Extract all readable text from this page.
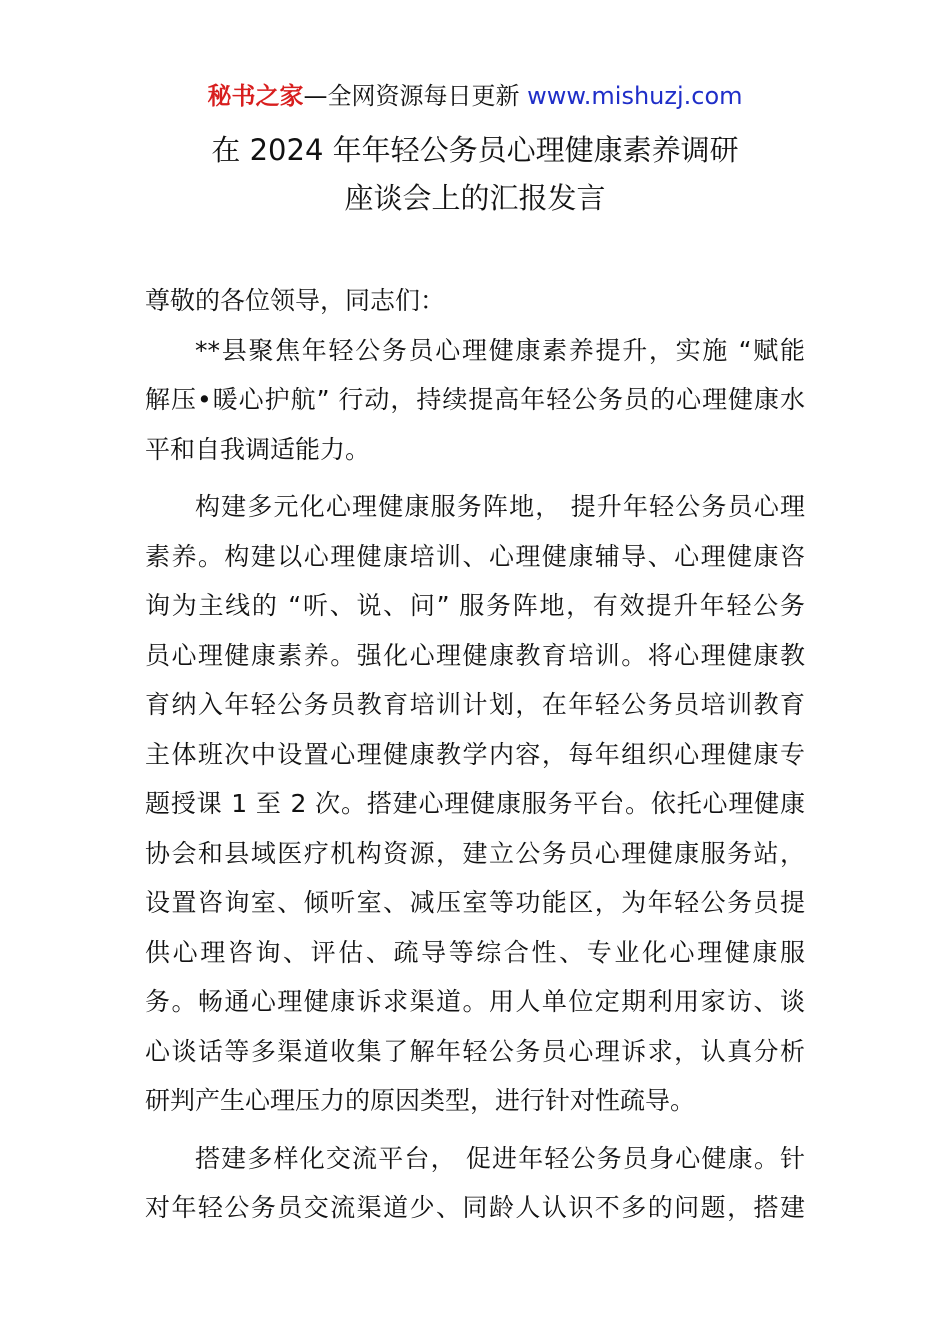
秘书之家—全网资源每日更新 www.mishuzj.com
在 2024 年年轻公务员心理健康素养调研
座谈会上的汇报发言
尊敬的各位领导，同志们：
**县聚焦年轻公务员心理健康素养提升，实施 “赋能
解压•暖心护航” 行动，持续提高年轻公务员的心理健康水
平和自我调适能力。
构建多元化心理健康服务阵地， 提升年轻公务员心理
素养。构建以心理健康培训、心理健康辅导、心理健康咨
询为主线的 “听、说、问” 服务阵地，有效提升年轻公务
员心理健康素养。强化心理健康教育培训。将心理健康教
育纳入年轻公务员教育培训计划，在年轻公务员培训教育
主体班次中设置心理健康教学内容，每年组织心理健康专
题授课 1 至 2 次。搭建心理健康服务平台。依托心理健康
协会和县域医疗机构资源，建立公务员心理健康服务站，
设置咨询室、倾听室、减压室等功能区，为年轻公务员提
供心理咨询、评估、疏导等综合性、专业化心理健康服
务。畅通心理健康诉求渠道。用人单位定期利用家访、谈
心谈话等多渠道收集了解年轻公务员心理诉求，认真分析
研判产生心理压力的原因类型，进行针对性疏导。
搭建多样化交流平台， 促进年轻公务员身心健康。针
对年轻公务员交流渠道少、同龄人认识不多的问题，搭建
